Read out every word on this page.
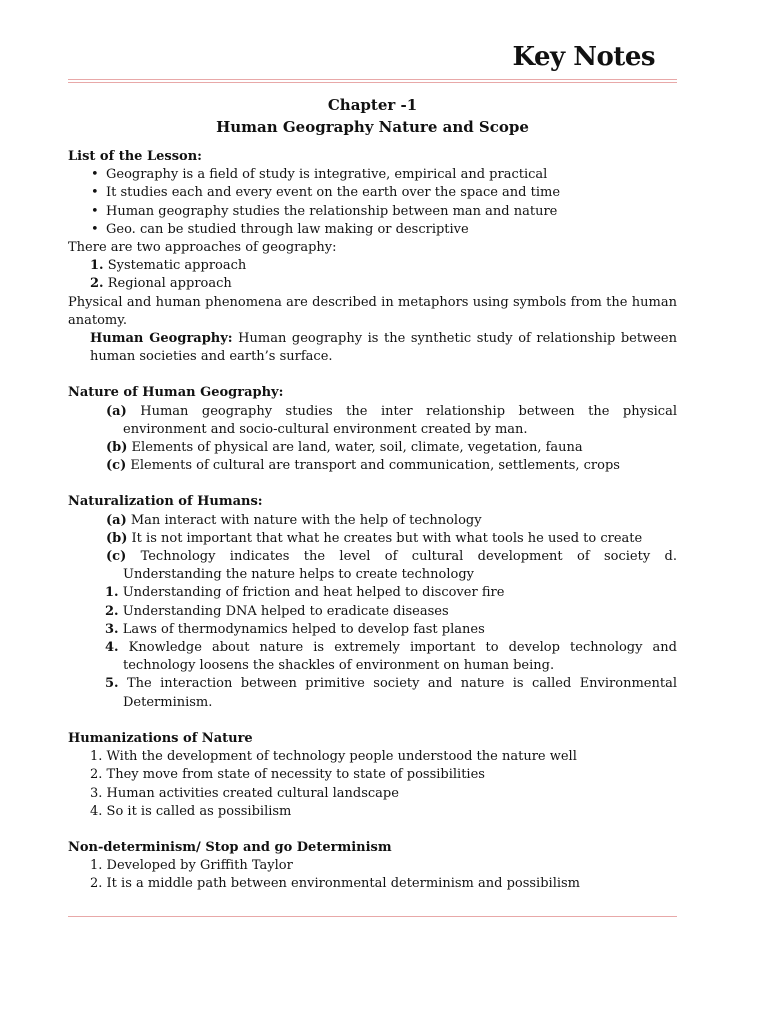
Key Notes
Chapter -1
Human Geography Nature and Scope
List of the Lesson:
• Geography is a field of study is integrative, empirical and practical
• It studies each and every event on the earth over the space and time
• Human geography studies the relationship between man and nature
• Geo. can be studied through law making or descriptive
There are two approaches of geography:
1. Systematic approach
2. Regional approach
Physical and human phenomena are described in metaphors using symbols from the human anatomy.
Human Geography: Human geography is the synthetic study of relationship between human societies and earth’s surface.
Nature of Human Geography:
(a) Human geography studies the inter relationship between the physical environment and socio-cultural environment created by man.
(b) Elements of physical are land, water, soil, climate, vegetation, fauna
(c) Elements of cultural are transport and communication, settlements, crops
Naturalization of Humans:
(a) Man interact with nature with the help of technology
(b) It is not important that what he creates but with what tools he used to create
(c) Technology indicates the level of cultural development of society d. Understanding the nature helps to create technology
1. Understanding of friction and heat helped to discover fire
2. Understanding DNA helped to eradicate diseases
3. Laws of thermodynamics helped to develop fast planes
4. Knowledge about nature is extremely important to develop technology and technology loosens the shackles of environment on human being.
5. The interaction between primitive society and nature is called Environmental Determinism.
Humanizations of Nature
1. With the development of technology people understood the nature well
2. They move from state of necessity to state of possibilities
3. Human activities created cultural landscape
4. So it is called as possibilism
Non-determinism/ Stop and go Determinism
1. Developed by Griffith Taylor
2. It is a middle path between environmental determinism and possibilism
